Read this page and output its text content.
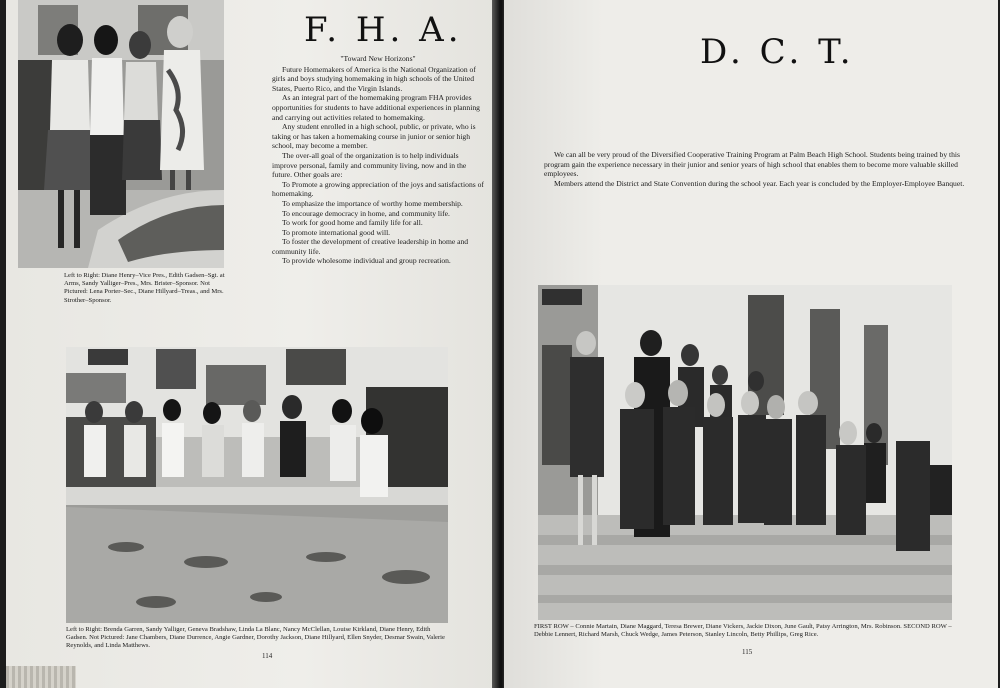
Left to Right: Diane Henry–Vice Pres., Edith Gadsen–Sgt. at Arms, Sandy Yalliger–Pres., Mrs. Brister–Sponsor. Not Pictured: Lena Porter–Sec., Diane Hillyard–Treas., and Mrs. Strother–Sponsor.
F. H. A.

"Toward New Horizons"

Future Homemakers of America is the National Organization of girls and boys studying homemaking in high schools of the United States, Puerto Rico, and the Virgin Islands.

As an integral part of the homemaking program FHA provides opportunities for students to have additional experiences in planning and carrying out activities related to homemaking.

Any student enrolled in a high school, public, or private, who is taking or has taken a homemaking course in junior or senior high school, may become a member.

The over-all goal of the organization is to help individuals improve personal, family and community living, now and in the future. Other goals are:

To Promote a growing appreciation of the joys and satisfactions of homemaking.

To emphasize the importance of worthy home membership.

To encourage democracy in home, and community life.

To work for good home and family life for all.

To promote international good will.

To foster the development of creative leadership in home and community life.

To provide wholesome individual and group recreation.

Left to Right: Brenda Garren, Sandy Yalliger, Geneva Bradshaw, Linda La Blanc, Nancy McClellan, Louise Kirkland, Diane Henry, Edith Gadsen. Not Pictured: Jane Chambers, Diane Durrence, Angie Gardner, Dorothy Jackson, Diane Hillyard, Ellen Snyder, Desmar Swain, Valerie Reynolds, and Linda Matthews.
114
D. C. T.

We can all be very proud of the Diversified Cooperative Training Program at Palm Beach High School. Students being trained by this program gain the experience necessary in their junior and senior years of high school that enables them to become more valuable skilled employees.

Members attend the District and State Convention during the school year. Each year is concluded by the Employer-Employee Banquet.

FIRST ROW – Connie Martain, Diane Maggard, Teresa Brewer, Diane Vickers, Jackie Dixon, June Gault, Patsy Arrington, Mrs. Robinson. SECOND ROW – Debbie Lennert, Richard Marsh, Chuck Wedge, James Peterson, Stanley Lincoln, Betty Phillips, Greg Rice.
115
